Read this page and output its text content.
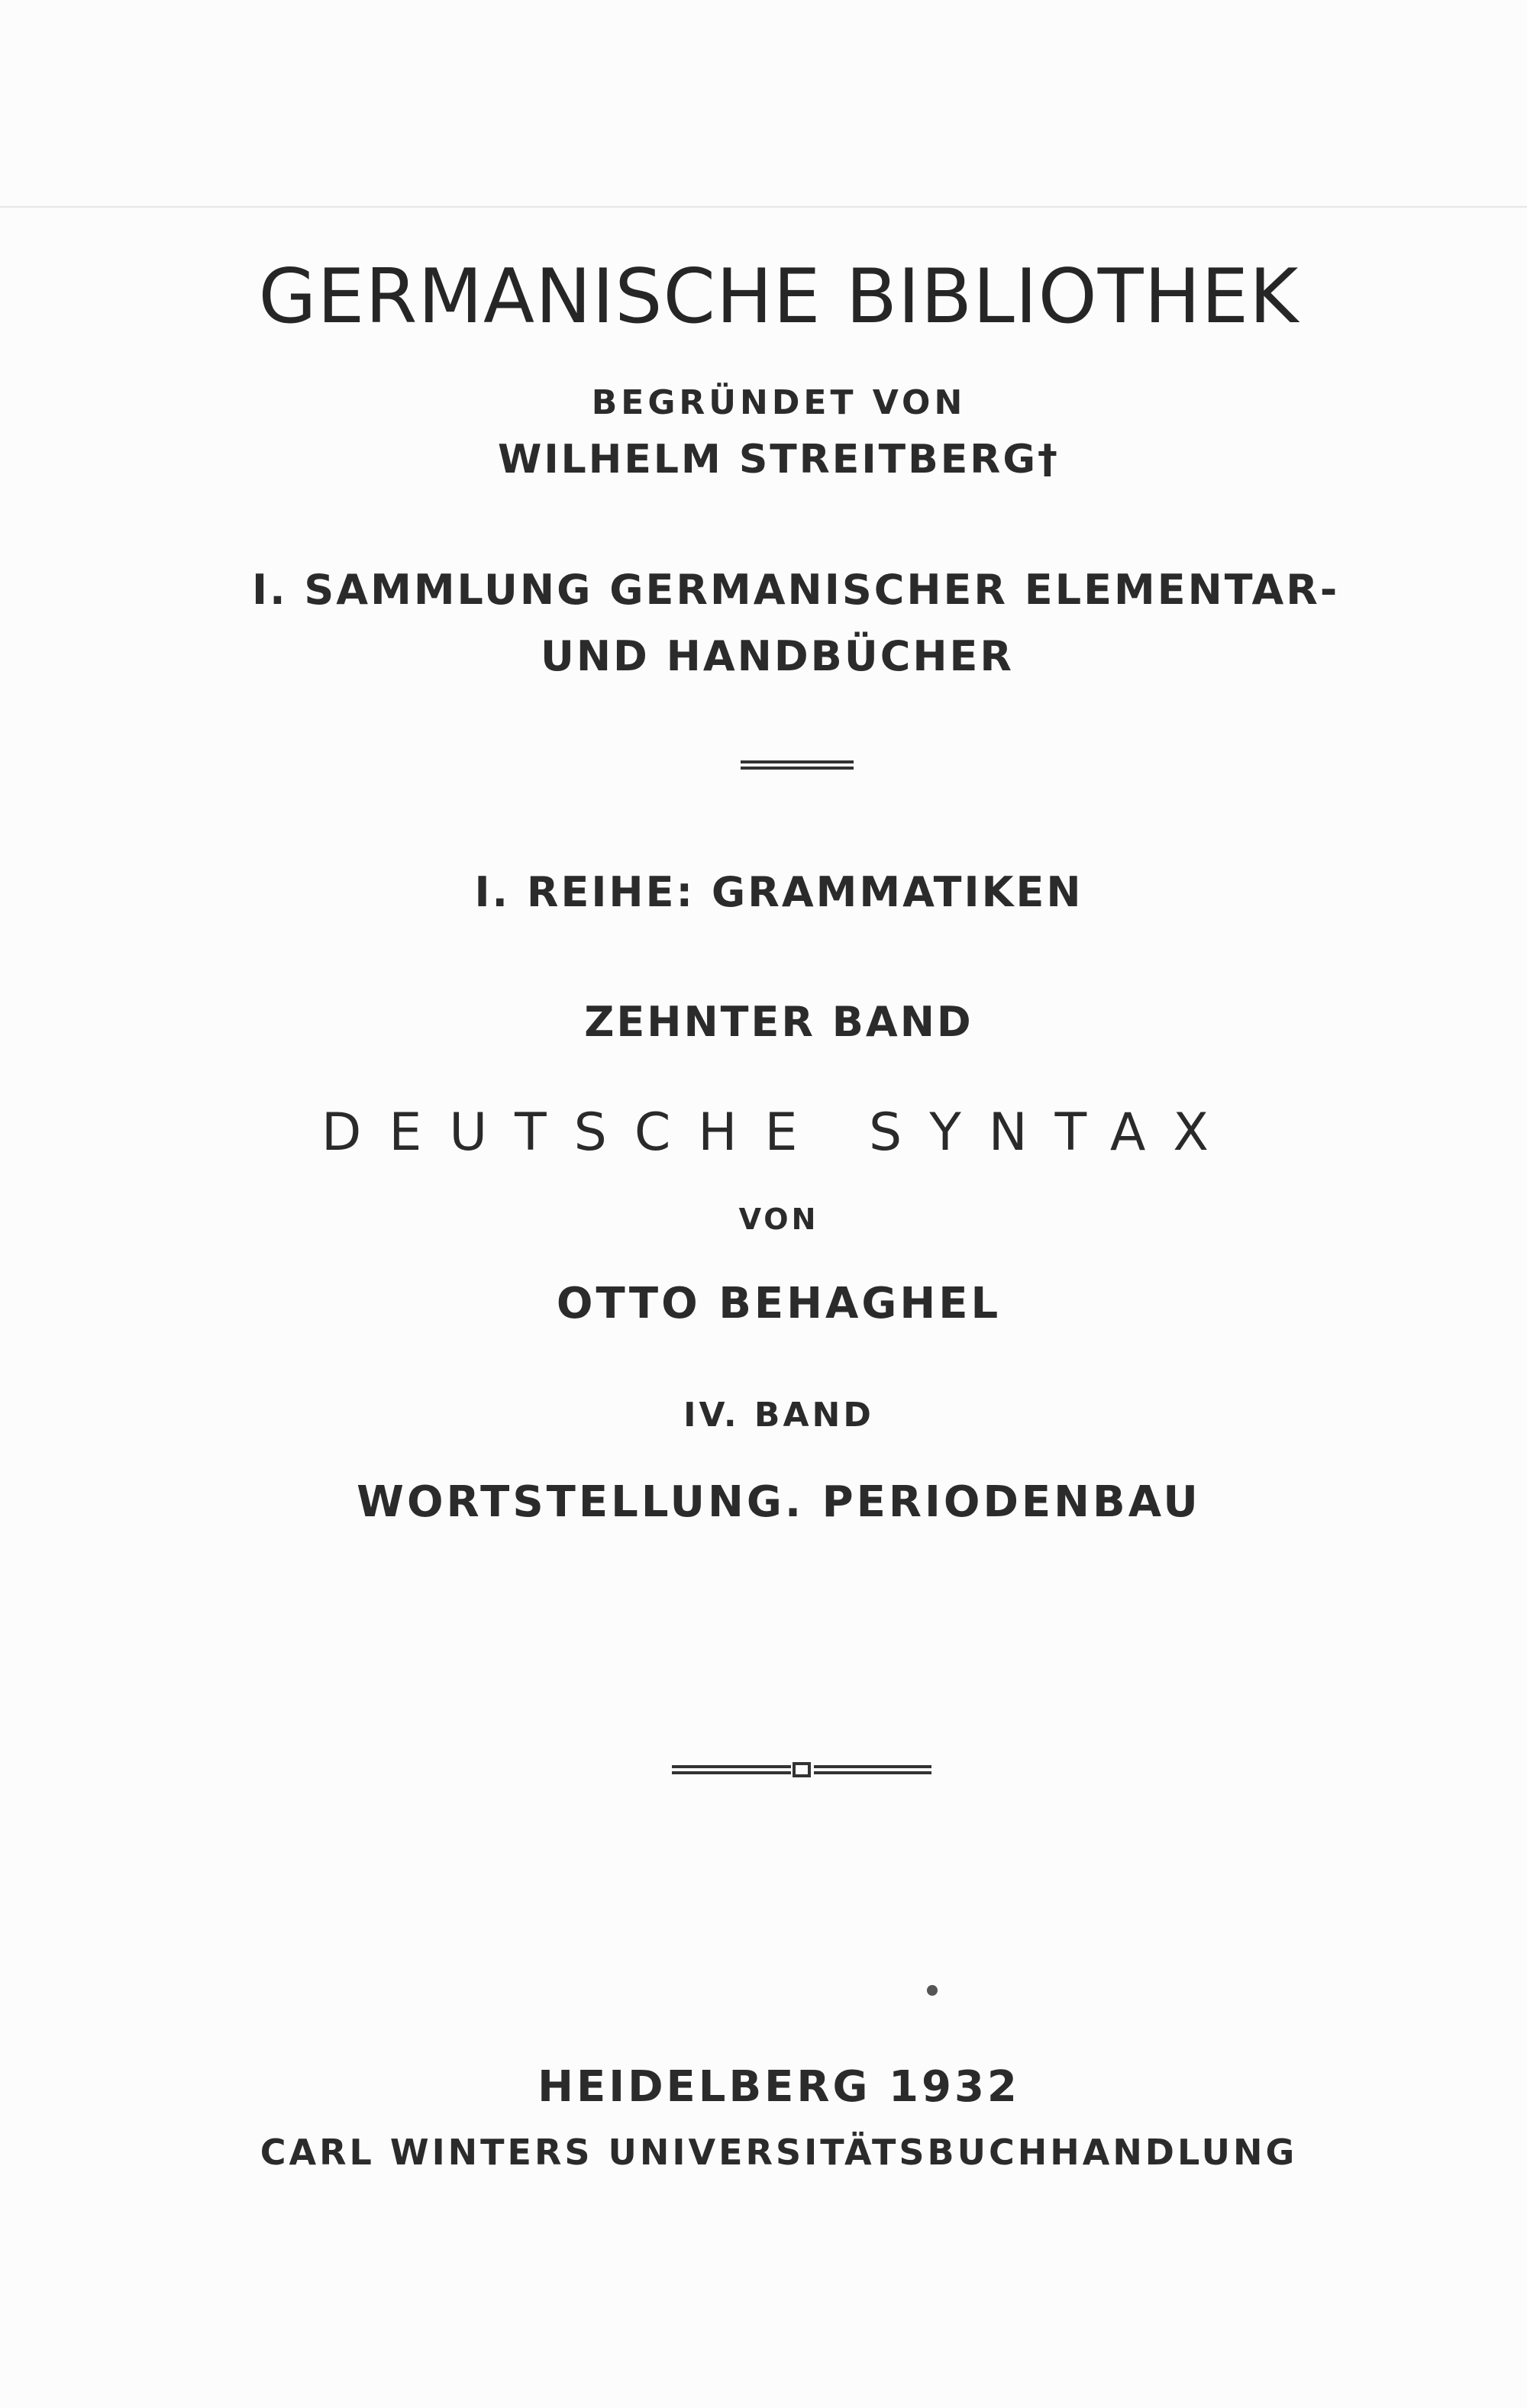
GERMANISCHE BIBLIOTHEK
BEGRÜNDET VON
WILHELM STREITBERG†
I. SAMMLUNG GERMANISCHER ELEMENTAR-
UND HANDBÜCHER
I. REIHE: GRAMMATIKEN
ZEHNTER BAND
DEUTSCHE SYNTAX
VON
OTTO BEHAGHEL
IV. BAND
WORTSTELLUNG. PERIODENBAU
HEIDELBERG 1932
CARL WINTERS UNIVERSITÄTSBUCHHANDLUNG
